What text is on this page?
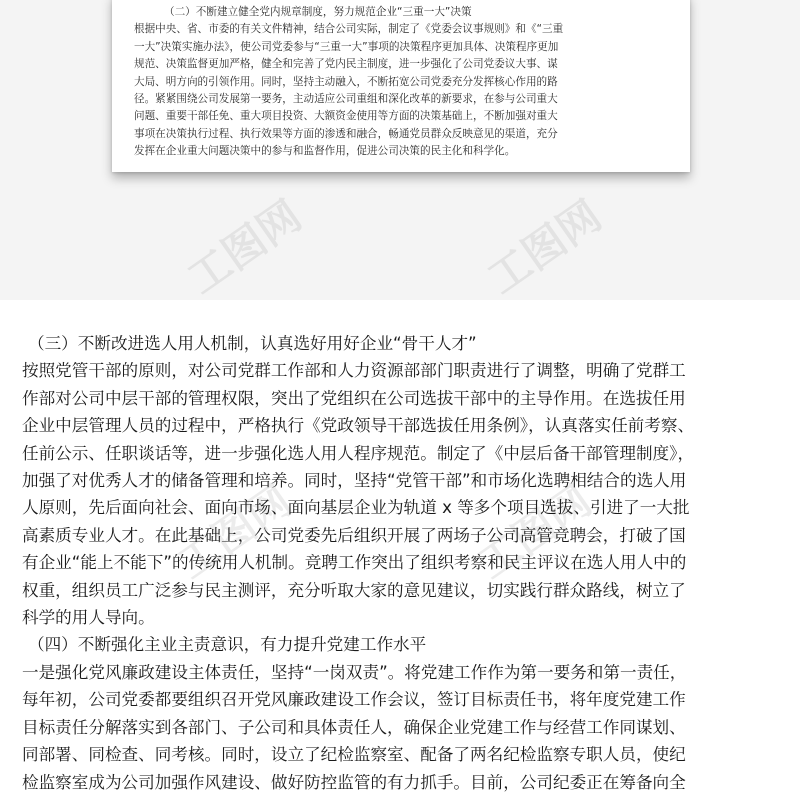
（二）不断建立健全党内规章制度，努力规范企业“三重一大”决策

根据中央、省、市委的有关文件精神，结合公司实际，制定了《党委会议事规则》和《“三重

一大”决策实施办法》，使公司党委参与“三重一大”事项的决策程序更加具体、决策程序更加

规范、决策监督更加严格，健全和完善了党内民主制度，进一步强化了公司党委议大事、谋

大局、明方向的引领作用。同时，坚持主动融入，不断拓宽公司党委充分发挥核心作用的路

径。紧紧围绕公司发展第一要务，主动适应公司重组和深化改革的新要求，在参与公司重大

问题、重要干部任免、重大项目投资、大额资金使用等方面的决策基础上，不断加强对重大

事项在决策执行过程、执行效果等方面的渗透和融合，畅通党员群众反映意见的渠道，充分

发挥在企业重大问题决策中的参与和监督作用，促进公司决策的民主化和科学化。

工图网	工图网
工图网	工图网

（三）不断改进选人用人机制，认真选好用好企业“骨干人才”

按照党管干部的原则，对公司党群工作部和人力资源部部门职责进行了调整，明确了党群工

作部对公司中层干部的管理权限，突出了党组织在公司选拔干部中的主导作用。在选拔任用

企业中层管理人员的过程中，严格执行《党政领导干部选拔任用条例》，认真落实任前考察、

任前公示、任职谈话等，进一步强化选人用人程序规范。制定了《中层后备干部管理制度》，

加强了对优秀人才的储备管理和培养。同时，坚持“党管干部”和市场化选聘相结合的选人用

人原则，先后面向社会、面向市场、面向基层企业为轨道 x 等多个项目选拔、引进了一大批

高素质专业人才。在此基础上，公司党委先后组织开展了两场子公司高管竞聘会，打破了国

有企业“能上不能下”的传统用人机制。竞聘工作突出了组织考察和民主评议在选人用人中的

权重，组织员工广泛参与民主测评，充分听取大家的意见建议，切实践行群众路线，树立了

科学的用人导向。

（四）不断强化主业主责意识，有力提升党建工作水平

一是强化党风廉政建设主体责任，坚持“一岗双责”。将党建工作作为第一要务和第一责任，

每年初，公司党委都要组织召开党风廉政建设工作会议，签订目标责任书，将年度党建工作

目标责任分解落实到各部门、子公司和具体责任人，确保企业党建工作与经营工作同谋划、

同部署、同检查、同考核。同时，设立了纪检监察室、配备了两名纪检监察专职人员，使纪

检监察室成为公司加强作风建设、做好防控监管的有力抓手。目前，公司纪委正在筹备向全
